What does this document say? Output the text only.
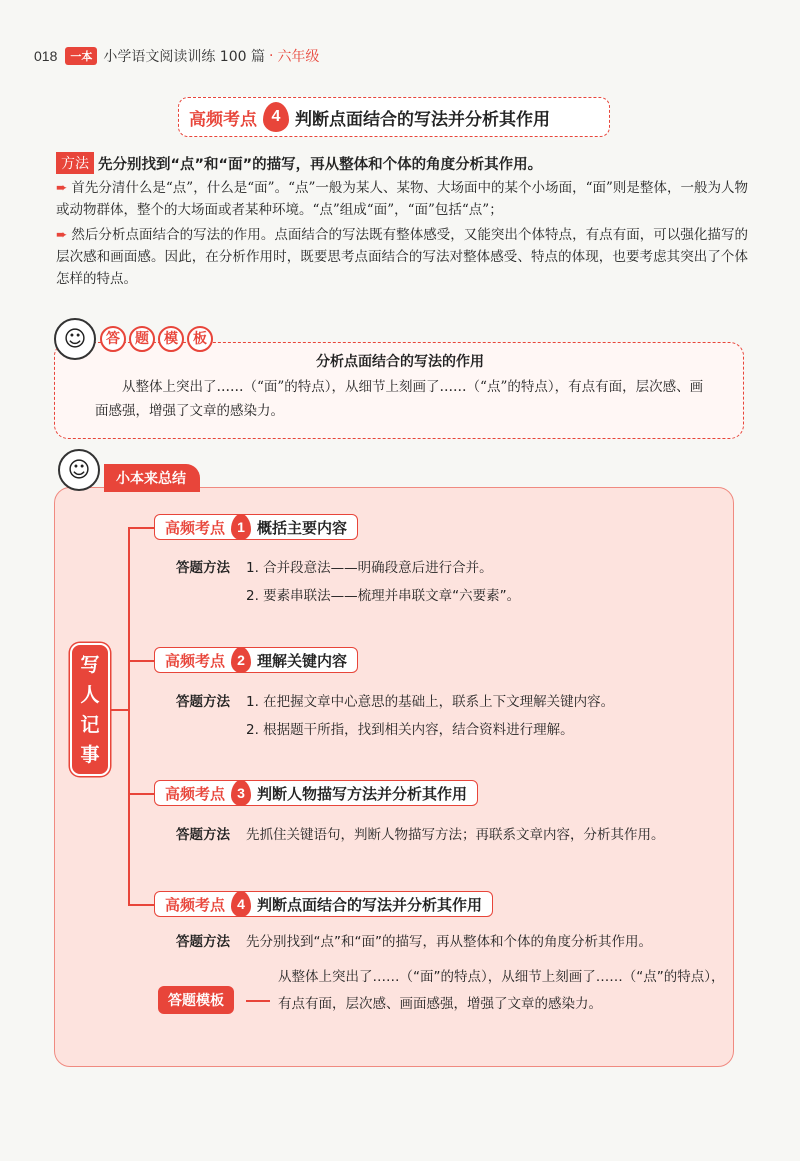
018	一本 小学语文阅读训练 100 篇 · 六年级
高频考点 4 判断点面结合的写法并分析其作用
方法 先分别找到“点”和“面”的描写，再从整体和个体的角度分析其作用。
➨ 首先分清什么是“点”，什么是“面”。“点”一般为某人、某物、大场面中的某个小场面，“面”则是整体，一般为人物或动物群体，整个的大场面或者某种环境。“点”组成“面”，“面”包括“点”；
➨ 然后分析点面结合的写法的作用。点面结合的写法既有整体感受，又能突出个体特点，有点有面，可以强化描写的层次感和画面感。因此，在分析作用时，既要思考点面结合的写法对整体感受、特点的体现，也要考虑其突出了个体怎样的特点。
分析点面结合的写法的作用
从整体上突出了……（“面”的特点），从细节上刻画了……（“点”的特点），有点有面，层次感、画面感强，增强了文章的感染力。
☺	答	题	模	板
☺	小本来总结
写
人
记
事
高频考点 1 概括主要内容
答题方法 1. 合并段意法——明确段意后进行合并。
2. 要素串联法——梳理并串联文章“六要素”。
高频考点 2 理解关键内容
答题方法 1. 在把握文章中心意思的基础上，联系上下文理解关键内容。
2. 根据题干所指，找到相关内容，结合资料进行理解。
高频考点 3 判断人物描写方法并分析其作用
答题方法 先抓住关键语句，判断人物描写方法；再联系文章内容，分析其作用。
高频考点 4 判断点面结合的写法并分析其作用
答题方法 先分别找到“点”和“面”的描写，再从整体和个体的角度分析其作用。
答题模板
从整体上突出了……（“面”的特点），从细节上刻画了……（“点”的特点），有点有面，层次感、画面感强，增强了文章的感染力。
